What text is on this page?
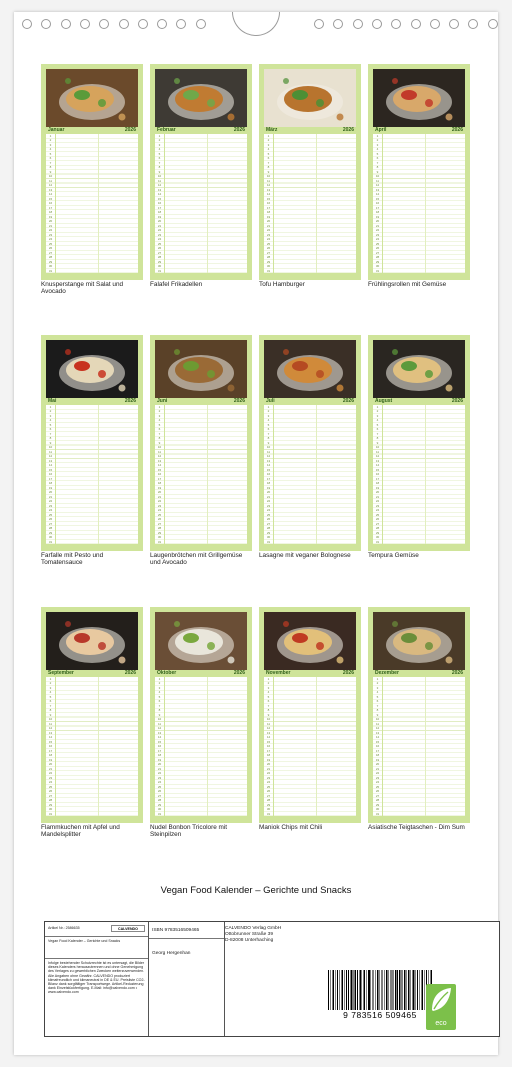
Januar	2026
1
2
3
4
5
6
7
8
9
10
11
12
13
14
15
16
17
18
19
20
21
22
23
24
25
26
27
28
29
30
31

Knusperstange mit Salat und Avocado
Februar	2026
1
2
3
4
5
6
7
8
9
10
11
12
13
14
15
16
17
18
19
20
21
22
23
24
25
26
27
28
29
30
31

Falafel Frikadellen
März	2026
1
2
3
4
5
6
7
8
9
10
11
12
13
14
15
16
17
18
19
20
21
22
23
24
25
26
27
28
29
30
31

Tofu Hamburger
April	2026
1
2
3
4
5
6
7
8
9
10
11
12
13
14
15
16
17
18
19
20
21
22
23
24
25
26
27
28
29
30
31

Frühlingsrollen mit Gemüse
Mai	2026
1
2
3
4
5
6
7
8
9
10
11
12
13
14
15
16
17
18
19
20
21
22
23
24
25
26
27
28
29
30
31

Farfalle mit Pesto und Tomatensauce
Juni	2026
1
2
3
4
5
6
7
8
9
10
11
12
13
14
15
16
17
18
19
20
21
22
23
24
25
26
27
28
29
30
31

Laugenbrötchen mit Grillgemüse und Avocado
Juli	2026
1
2
3
4
5
6
7
8
9
10
11
12
13
14
15
16
17
18
19
20
21
22
23
24
25
26
27
28
29
30
31

Lasagne mit veganer Bolognese
August	2026
1
2
3
4
5
6
7
8
9
10
11
12
13
14
15
16
17
18
19
20
21
22
23
24
25
26
27
28
29
30
31

Tempura Gemüse
September	2026
1
2
3
4
5
6
7
8
9
10
11
12
13
14
15
16
17
18
19
20
21
22
23
24
25
26
27
28
29
30
31

Flammkuchen mit Apfel und Mandelsplitter
Oktober	2026
1
2
3
4
5
6
7
8
9
10
11
12
13
14
15
16
17
18
19
20
21
22
23
24
25
26
27
28
29
30
31

Nudel Bonbon Tricolore mit Steinpilzen
November	2026
1
2
3
4
5
6
7
8
9
10
11
12
13
14
15
16
17
18
19
20
21
22
23
24
25
26
27
28
29
30
31

Maniok Chips mit Chili
Dezember	2026
1
2
3
4
5
6
7
8
9
10
11
12
13
14
15
16
17
18
19
20
21
22
23
24
25
26
27
28
29
30
31

Asiatische Teigtaschen - Dim Sum
Vegan Food Kalender – Gerichte und Snacks
Artikel Nr.: 2586635	CALVENDO
Vegan Food Kalender – Gerichte und Snacks
Infolge bestehender Schutzrechte ist es untersagt, die Bilder dieses Kalenders herauszutrennen und ohne Genehmigung des Verlages zu gewerblichen Zwecken weiterzuverwenden. Alle Angaben ohne Gewähr. CALVENDO produziert klimafreundlich und klimaneutral in DE & EU. Preisliste CO2-Bilanz dank sorgfältiger Transportwege. Artikel-Reduzierung dank Einzelstückfertigung. E-Mail: info@calvendo.com • www.calvendo.com
ISBN 9783516509465
Georg Hergenhan
CALVENDO Verlag GmbH
Ottobrunner Straße 39
D-82008 Unterhaching
9 783516 509465
eco
